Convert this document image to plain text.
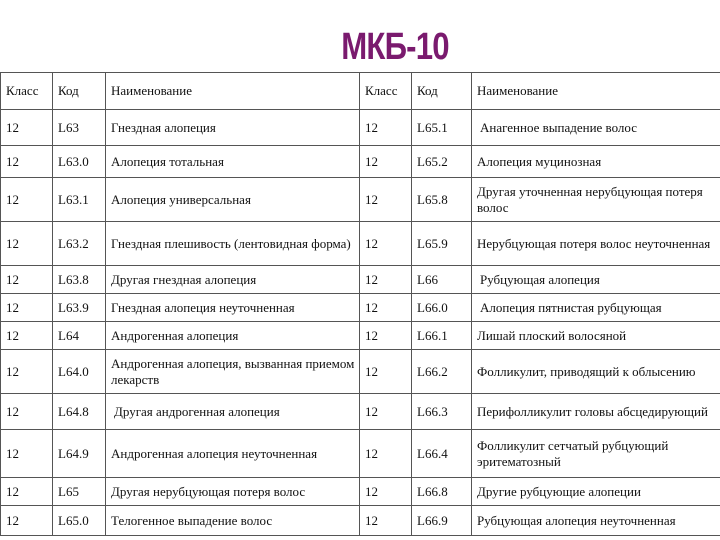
МКБ-10
Класс	Код	Наименование	Класс	Код	Наименование
12	L63	Гнездная алопеция	12	L65.1	Анагенное выпадение волос
12	L63.0	Алопеция тотальная	12	L65.2	Алопеция муцинозная
12	L63.1	Алопеция универсальная	12	L65.8	Другая уточненная нерубцующая потеря волос
12	L63.2	Гнездная плешивость (лентовидная форма)	12	L65.9	Нерубцующая потеря волос неуточненная
12	L63.8	Другая гнездная алопеция	12	L66	Рубцующая алопеция
12	L63.9	Гнездная алопеция неуточненная	12	L66.0	Алопеция пятнистая рубцующая
12	L64	Андрогенная алопеция	12	L66.1	Лишай плоский волосяной
12	L64.0	Андрогенная алопеция, вызванная приемом лекарств	12	L66.2	Фолликулит, приводящий к облысению
12	L64.8	Другая андрогенная алопеция	12	L66.3	Перифолликулит головы абсцедирующий
12	L64.9	Андрогенная алопеция неуточненная	12	L66.4	Фолликулит сетчатый рубцующий эритематозный
12	L65	Другая нерубцующая потеря волос	12	L66.8	Другие рубцующие алопеции
12	L65.0	Телогенное выпадение волос	12	L66.9	Рубцующая алопеция неуточненная
